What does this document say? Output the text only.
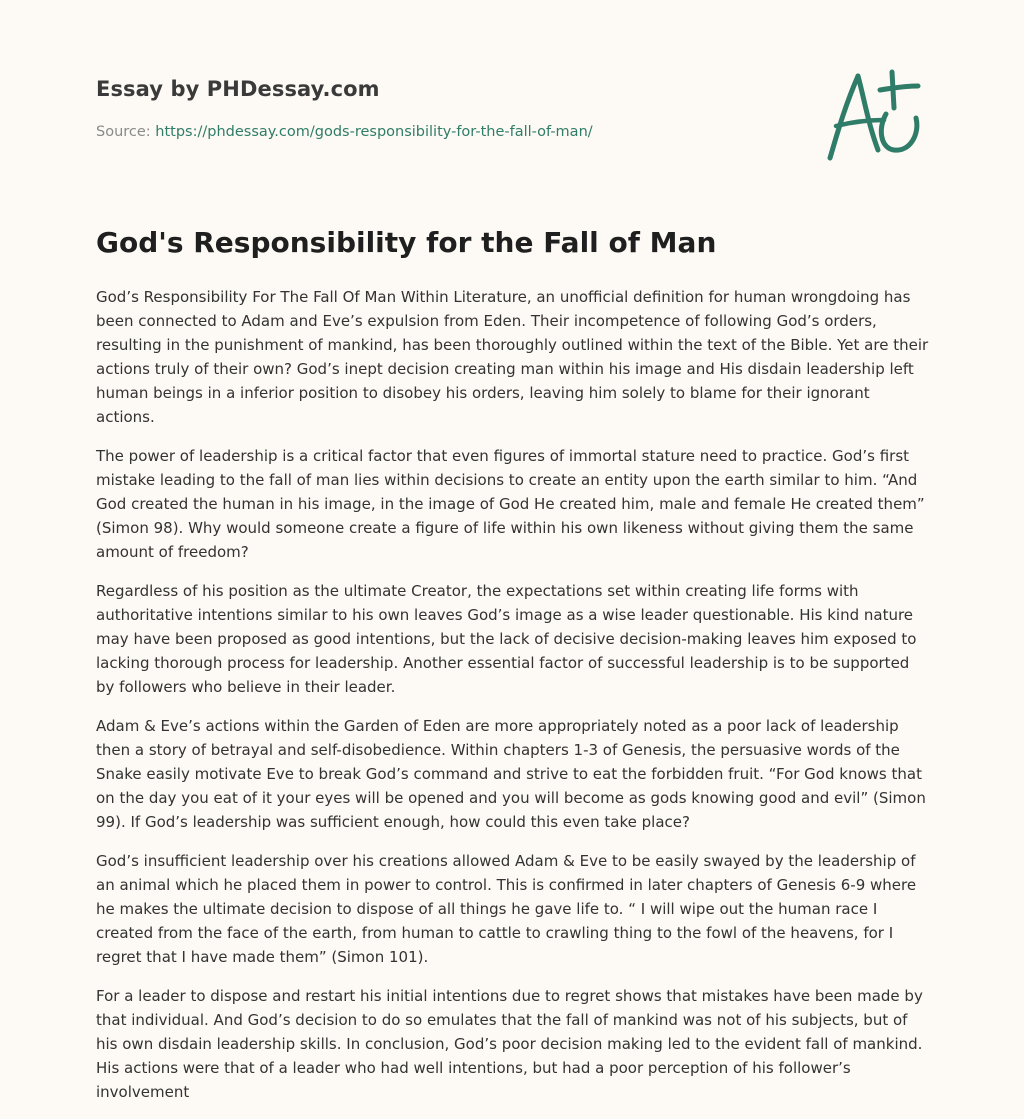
Essay by PHDessay.com
Source: https://phdessay.com/gods-responsibility-for-the-fall-of-man/
God's Responsibility for the Fall of Man

God’s Responsibility For The Fall Of Man Within Literature, an unofficial definition for human wrongdoing has been connected to Adam and Eve’s expulsion from Eden. Their incompetence of following God’s orders, resulting in the punishment of mankind, has been thoroughly outlined within the text of the Bible. Yet are their actions truly of their own? God’s inept decision creating man within his image and His disdain leadership left human beings in a inferior position to disobey his orders, leaving him solely to blame for their ignorant actions.

The power of leadership is a critical factor that even figures of immortal stature need to practice. God’s first mistake leading to the fall of man lies within decisions to create an entity upon the earth similar to him. “And God created the human in his image, in the image of God He created him, male and female He created them” (Simon 98). Why would someone create a figure of life within his own likeness without giving them the same amount of freedom?

Regardless of his position as the ultimate Creator, the expectations set within creating life forms with authoritative intentions similar to his own leaves God’s image as a wise leader questionable. His kind nature may have been proposed as good intentions, but the lack of decisive decision-making leaves him exposed to lacking thorough process for leadership. Another essential factor of successful leadership is to be supported by followers who believe in their leader.

Adam & Eve’s actions within the Garden of Eden are more appropriately noted as a poor lack of leadership then a story of betrayal and self-disobedience. Within chapters 1-3 of Genesis, the persuasive words of the Snake easily motivate Eve to break God’s command and strive to eat the forbidden fruit. “For God knows that on the day you eat of it your eyes will be opened and you will become as gods knowing good and evil” (Simon 99). If God’s leadership was sufficient enough, how could this even take place?

God’s insufficient leadership over his creations allowed Adam & Eve to be easily swayed by the leadership of an animal which he placed them in power to control. This is confirmed in later chapters of Genesis 6-9 where he makes the ultimate decision to dispose of all things he gave life to. “ I will wipe out the human race I created from the face of the earth, from human to cattle to crawling thing to the fowl of the heavens, for I regret that I have made them” (Simon 101).

For a leader to dispose and restart his initial intentions due to regret shows that mistakes have been made by that individual. And God’s decision to do so emulates that the fall of mankind was not of his subjects, but of his own disdain leadership skills. In conclusion, God’s poor decision making led to the evident fall of mankind. His actions were that of a leader who had well intentions, but had a poor perception of his follower’s involvement
